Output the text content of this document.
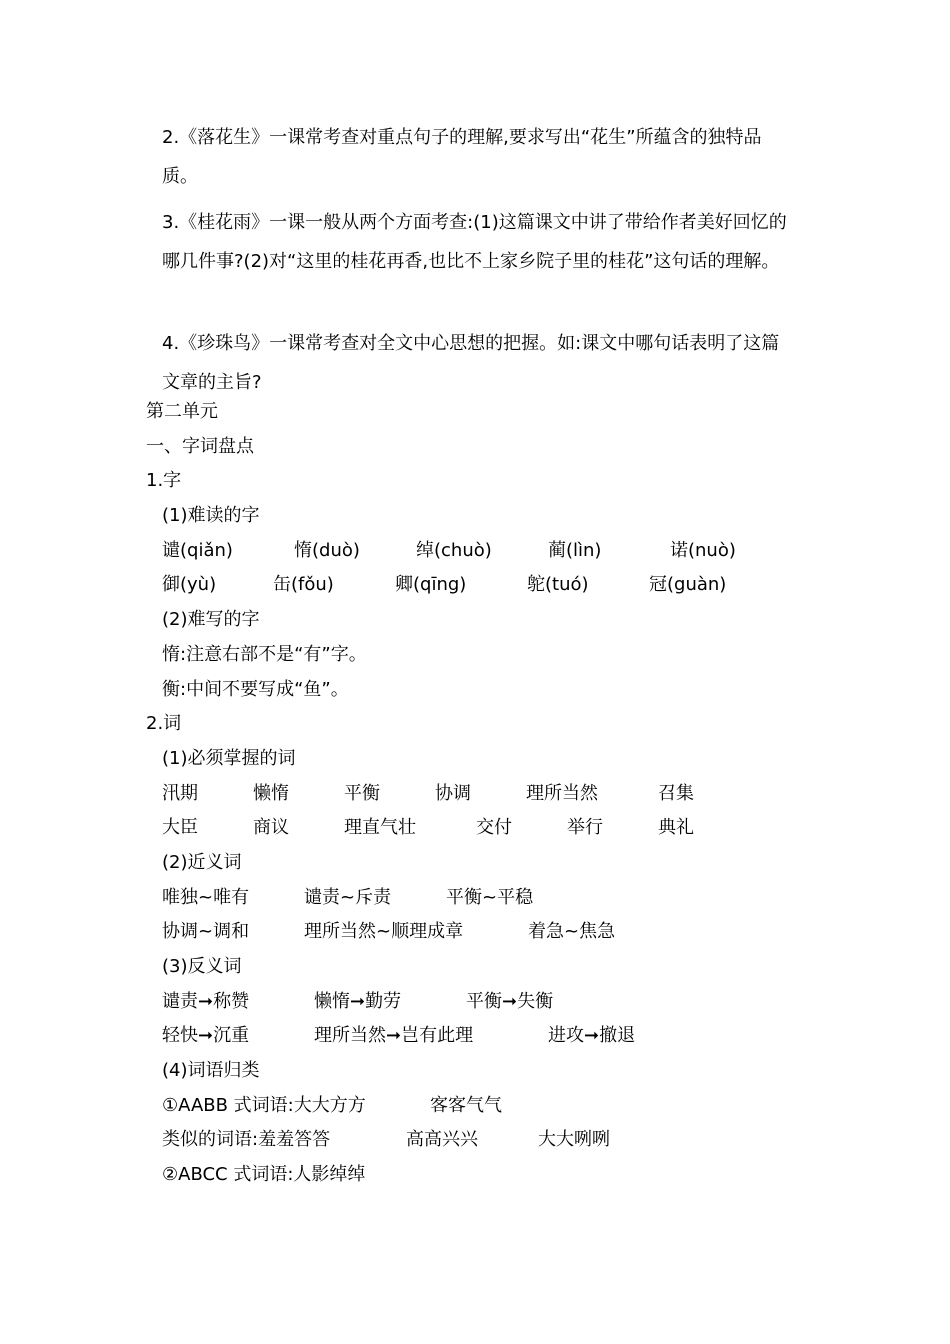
2.《落花生》一课常考查对重点句子的理解,要求写出“花生”所蕴含的独特品质。

3.《桂花雨》一课一般从两个方面考查:(1)这篇课文中讲了带给作者美好回忆的哪几件事?(2)对“这里的桂花再香,也比不上家乡院子里的桂花”这句话的理解。

4.《珍珠鸟》一课常考查对全文中心思想的把握。如:课文中哪句话表明了这篇文章的主旨?

第二单元
一、字词盘点
1.字
(1)难读的字
谴(qiǎn)	惰(duò)	绰(chuò)	蔺(lìn)	诺(nuò)
御(yù)	缶(fǒu)	卿(qīng)	鸵(tuó)	冠(guàn)
(2)难写的字
惰:注意右部不是“有”字。
衡:中间不要写成“鱼”。
2.词
(1)必须掌握的词
汛期	懒惰	平衡	协调	理所当然	召集
大臣	商议	理直气壮	交付	举行	典礼
(2)近义词
唯独~唯有	谴责~斥责	平衡~平稳
协调~调和	理所当然~顺理成章	着急~焦急
(3)反义词
谴责➞称赞	懒惰➞勤劳	平衡➞失衡
轻快➞沉重	理所当然➞岂有此理	进攻➞撤退
(4)词语归类
①AABB 式词语:大大方方	客客气气
类似的词语:羞羞答答	高高兴兴	大大咧咧
②ABCC 式词语:人影绰绰
